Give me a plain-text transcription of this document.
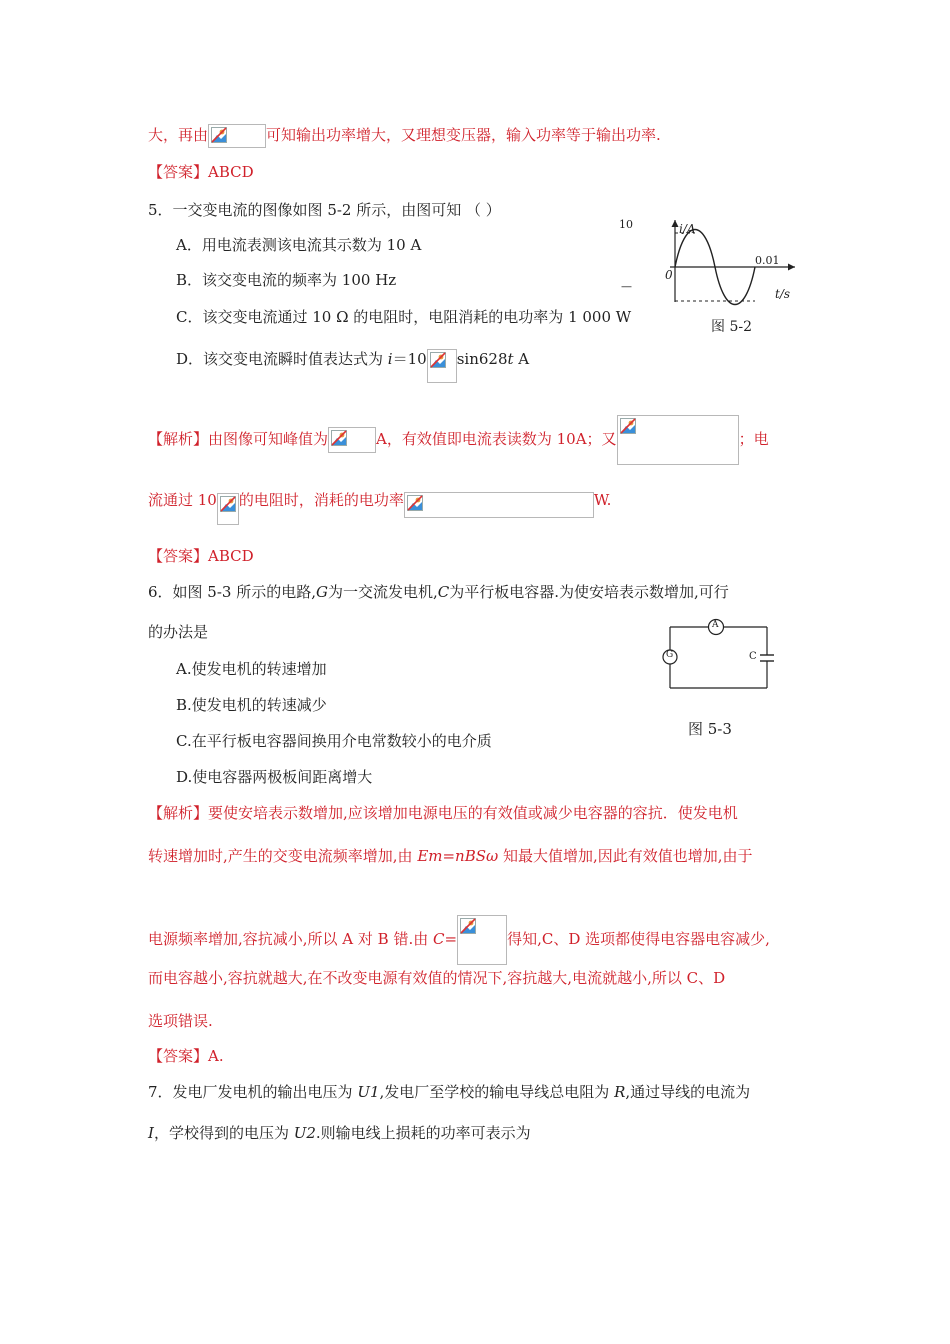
大，再由	可知输出功率增大，又理想变压器，输入功率等于输出功率.
【答案】ABCD
5．一交变电流的图像如图 5-2 所示，由图可知 （ ）
A．用电流表测该电流其示数为 10 A
B．该交变电流的频率为 100 Hz
C．该交变电流通过 10 Ω 的电阻时，电阻消耗的电功率为 1 000 W
D．该交变电流瞬时值表达式为 i＝10 sin628t A
10
—
i/A
0
0.01
t/s
图 5-2
【解析】由图像可知峰值为	A，有效值即电流表读数为 10A；又	；电
流通过 10 的电阻时，消耗的电功率	W.
【答案】ABCD
6．如图 5-3 所示的电路,G为一交流发电机,C为平行板电容器.为使安培表示数增加,可行
的办法是
A.使发电机的转速增加
B.使发电机的转速减少
C.在平行板电容器间换用介电常数较小的电介质
D.使电容器两极板间距离增大
A
G	C
图 5-3
【解析】要使安培表示数增加,应该增加电源电压的有效值或减少电容器的容抗．使发电机
转速增加时,产生的交变电流频率增加,由 Em=nBSω 知最大值增加,因此有效值也增加,由于
电源频率增加,容抗减小,所以 A 对 B 错.由 C=	得知,C、D 选项都使得电容器电容减少,
而电容越小,容抗就越大,在不改变电源有效值的情况下,容抗越大,电流就越小,所以 C、D
选项错误.
【答案】A.
7．发电厂发电机的输出电压为 U1,发电厂至学校的输电导线总电阻为 R,通过导线的电流为
I，学校得到的电压为 U2.则输电线上损耗的功率可表示为
